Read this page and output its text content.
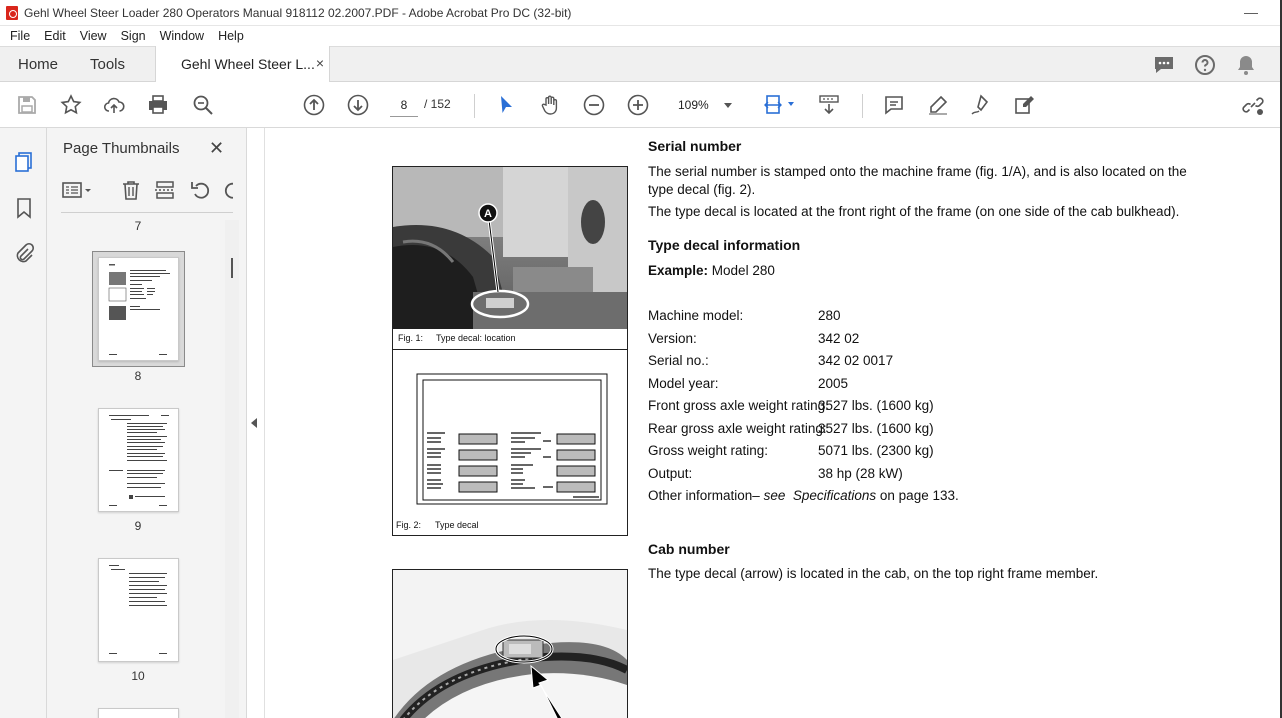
Gehl Wheel Steer Loader 280 Operators Manual 918112 02.2007.PDF - Adobe Acrobat Pro DC (32-bit)	—
File Edit View Sign Window Help
Home Tools	Gehl Wheel Steer L... ×
8	/ 152	109%
Page Thumbnails ✕
7
8
9
10
A
Fig. 1: Type decal: location
Fig. 2: Type decal
Serial number
The serial number is stamped onto the machine frame (fig. 1/A), and is also located on the
type decal (fig. 2).
The type decal is located at the front right of the frame (on one side of the cab bulkhead).
Type decal information
Example: Model 280
Machine model:	280
Version:	342 02
Serial no.:	342 02 0017
Model year:	2005
Front gross axle weight rating:
3527 lbs. (1600 kg)
Rear gross axle weight rating:
3527 lbs. (1600 kg)
Gross weight rating:	5071 lbs. (2300 kg)
Output:	38 hp (28 kW)
Other information– see Specifications on page 133.
Cab number
The type decal (arrow) is located in the cab, on the top right frame member.
